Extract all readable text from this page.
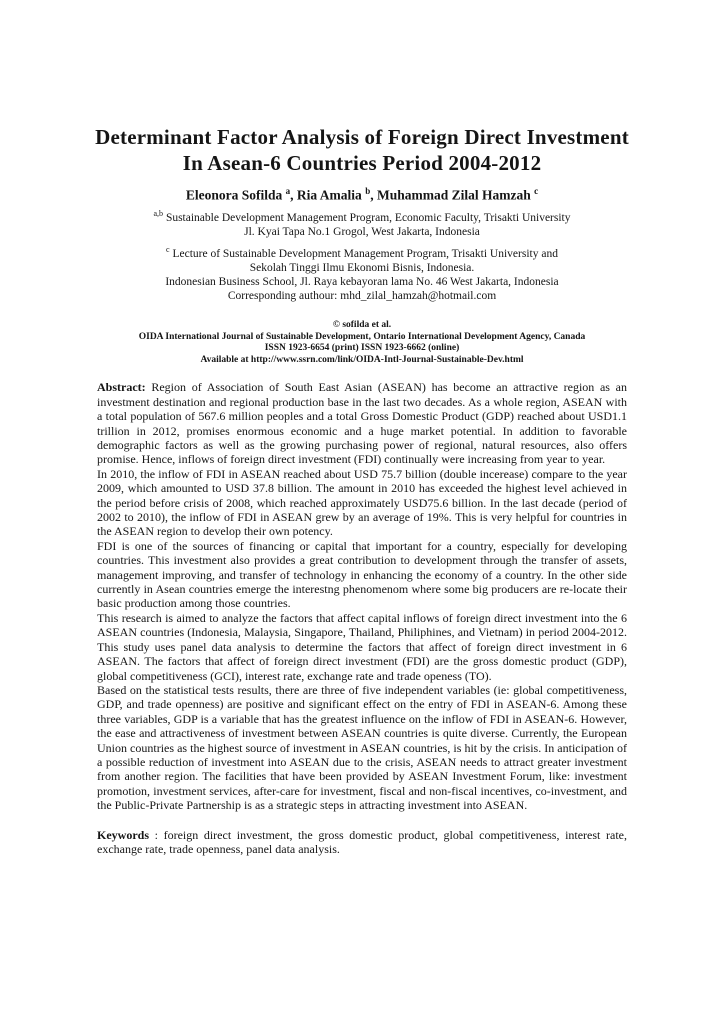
Determinant Factor Analysis of Foreign Direct Investment
In Asean-6 Countries Period 2004-2012
Eleonora Sofilda $^a$, Ria Amalia $^b$, Muhammad Zilal Hamzah $^c$
$^{a,b}$ Sustainable Development Management Program, Economic Faculty, Trisakti University
Jl. Kyai Tapa No.1 Grogol, West Jakarta, Indonesia
$^c$ Lecture of Sustainable Development Management Program, Trisakti University and
Sekolah Tinggi Ilmu Ekonomi Bisnis, Indonesia.
Indonesian Business School, Jl. Raya kebayoran lama No. 46 West Jakarta, Indonesia
Corresponding authour: mhd_zilal_hamzah@hotmail.com
© sofilda et al.
OIDA International Journal of Sustainable Development, Ontario International Development Agency, Canada
ISSN 1923-6654 (print) ISSN 1923-6662 (online)
Available at http://www.ssrn.com/link/OIDA-Intl-Journal-Sustainable-Dev.html

Abstract: Region of Association of South East Asian (ASEAN) has become an attractive region as an investment destination and regional production base in the last two decades. As a whole region, ASEAN with a total population of 567.6 million peoples and a total Gross Domestic Product (GDP) reached about USD1.1 trillion in 2012, promises enormous economic and a huge market potential. In addition to favorable demographic factors as well as the growing purchasing power of regional, natural resources, also offers promise. Hence, inflows of foreign direct investment (FDI) continually were increasing from year to year.

In 2010, the inflow of FDI in ASEAN reached about USD 75.7 billion (double incerease) compare to the year 2009, which amounted to USD 37.8 billion. The amount in 2010 has exceeded the highest level achieved in the period before crisis of 2008, which reached approximately USD75.6 billion. In the last decade (period of 2002 to 2010), the inflow of FDI in ASEAN grew by an average of 19%. This is very helpful for countries in the ASEAN region to develop their own potency.

FDI is one of the sources of financing or capital that important for a country, especially for developing countries. This investment also provides a great contribution to development through the transfer of assets, management improving, and transfer of technology in enhancing the economy of a country. In the other side currently in Asean countries emerge the interestng phenomenom where some big producers are re-locate their basic production among those countries.

This research is aimed to analyze the factors that affect capital inflows of foreign direct investment into the 6 ASEAN countries (Indonesia, Malaysia, Singapore, Thailand, Philiphines, and Vietnam) in period 2004-2012. This study uses panel data analysis to determine the factors that affect of foreign direct investment in 6 ASEAN. The factors that affect of foreign direct investment (FDI) are the gross domestic product (GDP), global competitiveness (GCI), interest rate, exchange rate and trade openess (TO).

Based on the statistical tests results, there are three of five independent variables (ie: global competitiveness, GDP, and trade openness) are positive and significant effect on the entry of FDI in ASEAN-6. Among these three variables, GDP is a variable that has the greatest influence on the inflow of FDI in ASEAN-6. However, the ease and attractiveness of investment between ASEAN countries is quite diverse. Currently, the European Union countries as the highest source of investment in ASEAN countries, is hit by the crisis. In anticipation of a possible reduction of investment into ASEAN due to the crisis, ASEAN needs to attract greater investment from another region. The facilities that have been provided by ASEAN Investment Forum, like: investment promotion, investment services, after-care for investment, fiscal and non-fiscal incentives, co-investment, and the Public-Private Partnership is as a strategic steps in attracting investment into ASEAN.

Keywords : foreign direct investment, the gross domestic product, global competitiveness, interest rate, exchange rate, trade openness, panel data analysis.
